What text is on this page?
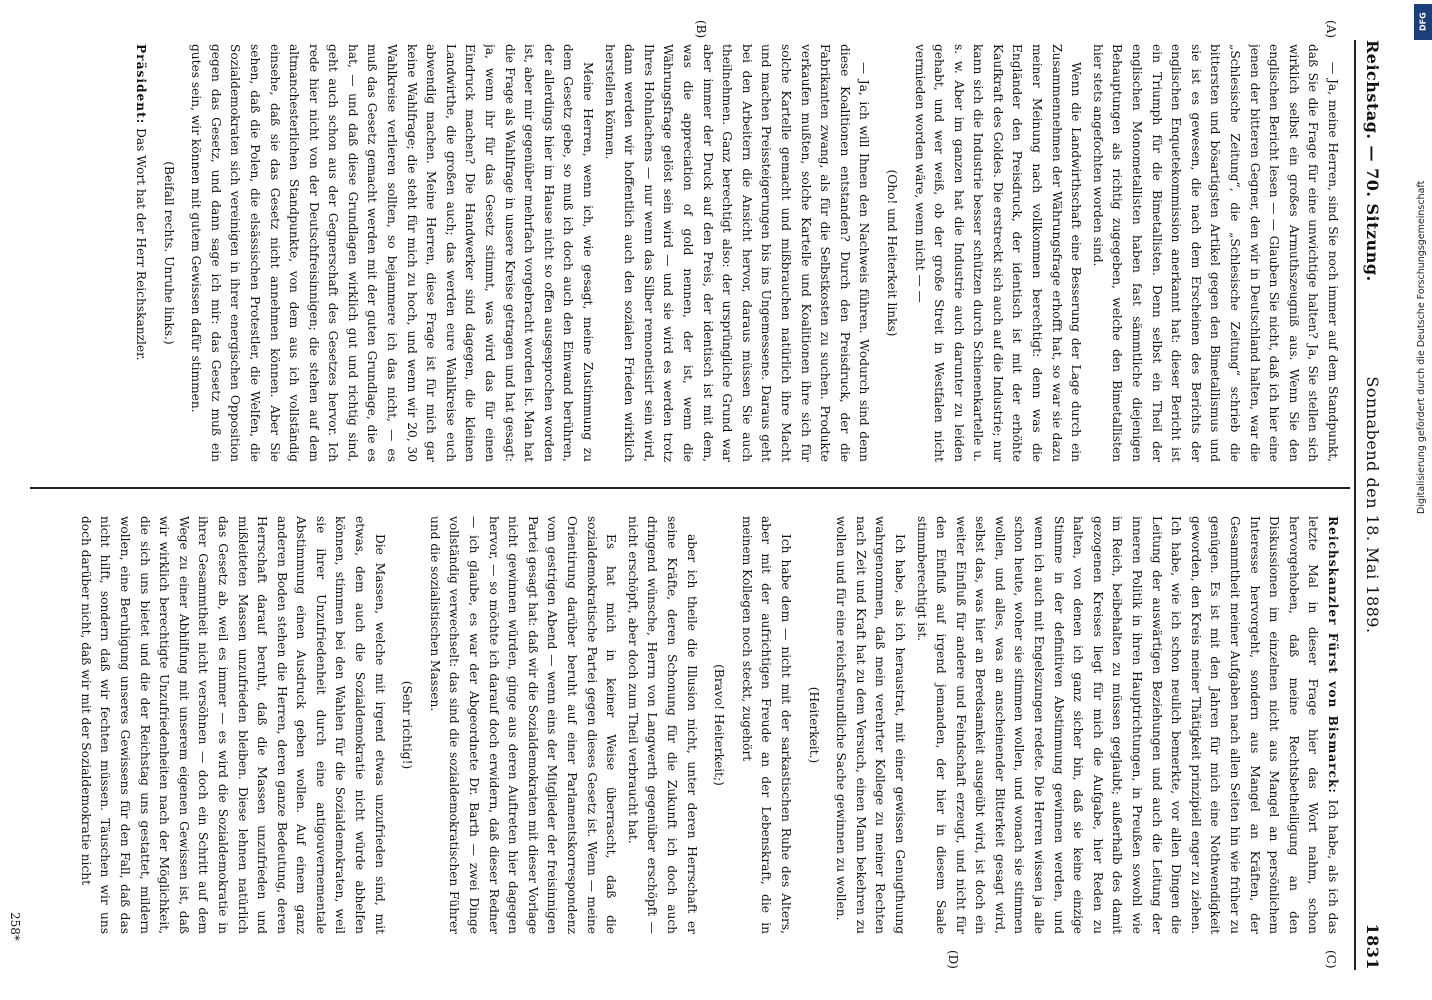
Reichstag. — 70. Sitzung.
Sonnabend den 18. Mai 1889.
1831
(A)
(B)
(C)
(D)

— Ja, meine Herren, sind Sie noch immer auf dem Standpunkt, daß Sie die Frage für eine unwichtige halten? Ja, Sie stellen sich wirklich selbst ein großes Armuthszeugniß aus. Wenn Sie den englischen Bericht lesen — — Glauben Sie nicht, daß ich hier eine jenen der bitteren Gegner, den wir in Deutschland halten, war die „Schlesische Zeitung“, die „Schlesische Zeitung“ schrieb die bittersten und bösartigsten Artikel gegen den Bimetallismus und sie ist es gewesen, die nach dem Erscheinen des Berichts der englischen Enquetekommission anerkannt hat: dieser Bericht ist ein Triumph für die Bimetallisten. Denn selbst ein Theil der englischen Monometallisten haben fast sämmtliche diejenigen Behauptungen als richtig zugegeben, welche den Bimetallisten hier stets angefochten worden sind.

Wenn die Landwirthschaft eine Besserung der Lage durch ein Zusammennehmen der Währungsfrage erhofft hat, so war sie dazu meiner Meinung nach vollkommen berechtigt: denn was die Engländer den Preisdruck, der identisch ist mit der erhöhte Kaufkraft des Goldes. Die erstreckt sich auch auf die Industrie; nur kann sich die Industrie besser schützen durch Schienenkartelle u. s. w. Aber im ganzen hat die Industrie auch darunter zu leiden gehabt, und wer weiß, ob der große Streit in Westfalen nicht vermieden worden wäre, wenn nicht — —

(Oho! und Heiterkeit links)

— Ja, ich will Ihnen den Nachweis führen. Wodurch sind denn diese Koalitionen entstanden? Durch den Preisdruck, der die Fabrikanten zwang, als für die Selbstkosten zu suchen. Produkte verkaufen mußten, solche Kartelle und Koalitionen ihre sich für solche Kartelle gemacht und mißbrauchen natürlich ihre Macht und machen Preissteigerungen bis ins Ungemessene. Daraus geht bei den Arbeitern die Ansicht hervor, daraus müssen Sie auch theilnehmen. Ganz berechtigt also: der ursprüngliche Grund war aber immer der Druck auf den Preis, der identisch ist mit dem, was die appreciation of gold nennen, der ist, wenn die Währungsfrage gelöst sein wird — und sie wird es werden trotz Ihres Hohnlachens — nur wenn das Silber remonetisirt sein wird, dann werden wir hoffentlich auch den sozialen Frieden wirklich herstellen können.

Meine Herren, wenn ich, wie gesagt, meine Zustimmung zu dem Gesetz gebe, so muß ich doch auch den Einwand berühren, der allerdings hier im Hause nicht so offen ausgesprochen worden ist, aber mir gegenüber mehrfach vorgebracht worden ist. Man hat die Frage als Wahlfrage in unsere Kreise getragen und hat gesagt: ja, wenn ihr für das Gesetz stimmt, was wird das für einen Eindruck machen? Die Handwerker sind dagegen, die kleinen Landwirthe, die großen auch; das werden eure Wahlkreise euch abwendig machen. Meine Herren, diese Frage ist für mich gar keine Wahlfrage; die steht für mich zu hoch, und wenn wir 20, 30 Wahlkreise verlieren sollten, so bejammere ich das nicht, — es muß das Gesetz gemacht werden mit der guten Grundlage, die es hat, — und daß diese Grundlagen wirklich gut und richtig sind, geht auch schon aus der Gegnerschaft des Gesetzes hervor. Ich rede hier nicht von der Deutschfreisinnigen; die stehen auf dem altmanchesterlichen Standpunkte, von dem aus ich vollständig einsehe, daß sie das Gesetz nicht annehmen können. Aber Sie sehen, daß die Polen, die elsässischen Protestler, die Welfen, die Sozialdemokraten sich vereinigen in ihrer energischen Opposition gegen das Gesetz, und dann sage ich mir: das Gesetz muß ein gutes sein, wir können mit gutem Gewissen dafür stimmen.

(Beifall rechts. Unruhe links.)

Präsident: Das Wort hat der Herr Reichskanzler.

Reichskanzler Fürst von Bismarck: Ich habe, als ich das letzte Mal in dieser Frage hier das Wort nahm, schon hervorgehoben, daß meine Rechtsbetheiligung an den Diskussionen im einzelnen nicht aus Mangel an persönlichem Interesse hervorgeht, sondern aus Mangel an Kräften, der Gesammtheit meiner Aufgaben nach allen Seiten hin wie früher zu genügen. Es ist mit den Jahren für mich eine Nothwendigkeit geworden, den Kreis meiner Thätigkeit prinzipiell enger zu ziehen. Ich habe, wie ich schon neulich bemerkte, vor allen Dingen die Leitung der auswärtigen Beziehungen und auch die Leitung der inneren Politik in ihren Hauptrichtungen, in Preußen sowohl wie im Reich, beibehalten zu müssen geglaubt; außerhalb des damit gezogenen Kreises liegt für mich die Aufgabe, hier Reden zu halten, von denen ich ganz sicher bin, daß sie keine einzige Stimme in der definitiven Abstimmung gewinnen werden, und wenn ich auch mit Engelszungen redete. Die Herren wissen ja alle schon heute, woher sie stimmen wollen, und wonach sie stimmen wollen, und alles, was an anscheinender Bitterkeit gesagt wird, selbst das, was hier an Beredsamkeit ausgeübt wird, ist doch ein weiter Einfluß für andere und Feindschaft erzeugt, und nicht für den Einfluß auf irgend jemanden, der hier in diesem Saale stimmberechtigt ist.

Ich habe, als ich heraustrat, mit einer gewissen Genugthuung wahrgenommen, daß mein verehrter Kollege zu meiner Rechten nach Zeit und Kraft hat zu dem Versuch, einen Mann bekehren zu wollen und für eine reichsfreundliche Sache gewinnen zu wollen.

(Heiterkeit.)

Ich habe dem — nicht mit der sarkastischen Ruhe des Alters, aber mit der aufrichtigen Freude an der Lebenskraft, die in meinem Kollegen noch steckt, zugehört

(Bravo! Heiterkeit;)

aber ich theile die Illusion nicht, unter deren Herrschaft er seine Kräfte, deren Schonung für die Zukunft ich doch auch dringend wünsche, Herrn von Langwerth gegenüber erschöpft — nicht erschöpft, aber doch zum Theil verbraucht hat.

Es hat mich in keiner Weise überrascht, daß die sozialdemokratische Partei gegen dieses Gesetz ist. Wenn — meine Orientirung darüber beruht auf einer Parlamentskorrespondenz vom gestrigen Abend — wenn eins der Mitglieder der freisinnigen Partei gesagt hat: daß wir die Sozialdemokraten mit dieser Vorlage nicht gewinnen würden, ginge aus deren Auftreten hier dagegen hervor, — so möchte ich darauf doch erwidern, daß dieser Redner — ich glaube, es war der Abgeordnete Dr. Barth — zwei Dinge vollständig verwechselt: das sind die sozialdemokratischen Führer und die sozialistischen Massen.

(Sehr richtig!)

Die Massen, welche mit irgend etwas unzufrieden sind, mit etwas, dem auch die Sozialdemokratie nicht würde abhelfen können, stimmen bei den Wahlen für die Sozialdemokraten, weil sie ihrer Unzufriedenheit durch eine antigouvernementale Abstimmung einen Ausdruck geben wollen. Auf einem ganz anderen Boden stehen die Herren, deren ganze Bedeutung, deren Herrschaft darauf beruht, daß die Massen unzufrieden und mißleiteten Massen unzufrieden bleiben. Diese lehnen natürlich das Gesetz ab, weil es immer — es wird die Sozialdemokratie in ihrer Gesammtheit nicht versöhnen — doch ein Schritt auf dem Wege zu einer Abhilfung mit unserem eigenen Gewissen ist, daß wir wirklich berechtigte Unzufriedenheiten nach der Möglichkeit, die sich uns bietet und die der Reichstag uns gestattet, mildern wollen, eine Beruhigung unseres Gewissens für den Fall, daß das nicht hilft, sondern daß wir fechten müssen. Täuschen wir uns doch darüber nicht, daß wir mit der Sozialdemokratie nicht

258*
DFG
Digitalisierung gefördert durch die Deutsche Forschungsgemeinschaft
